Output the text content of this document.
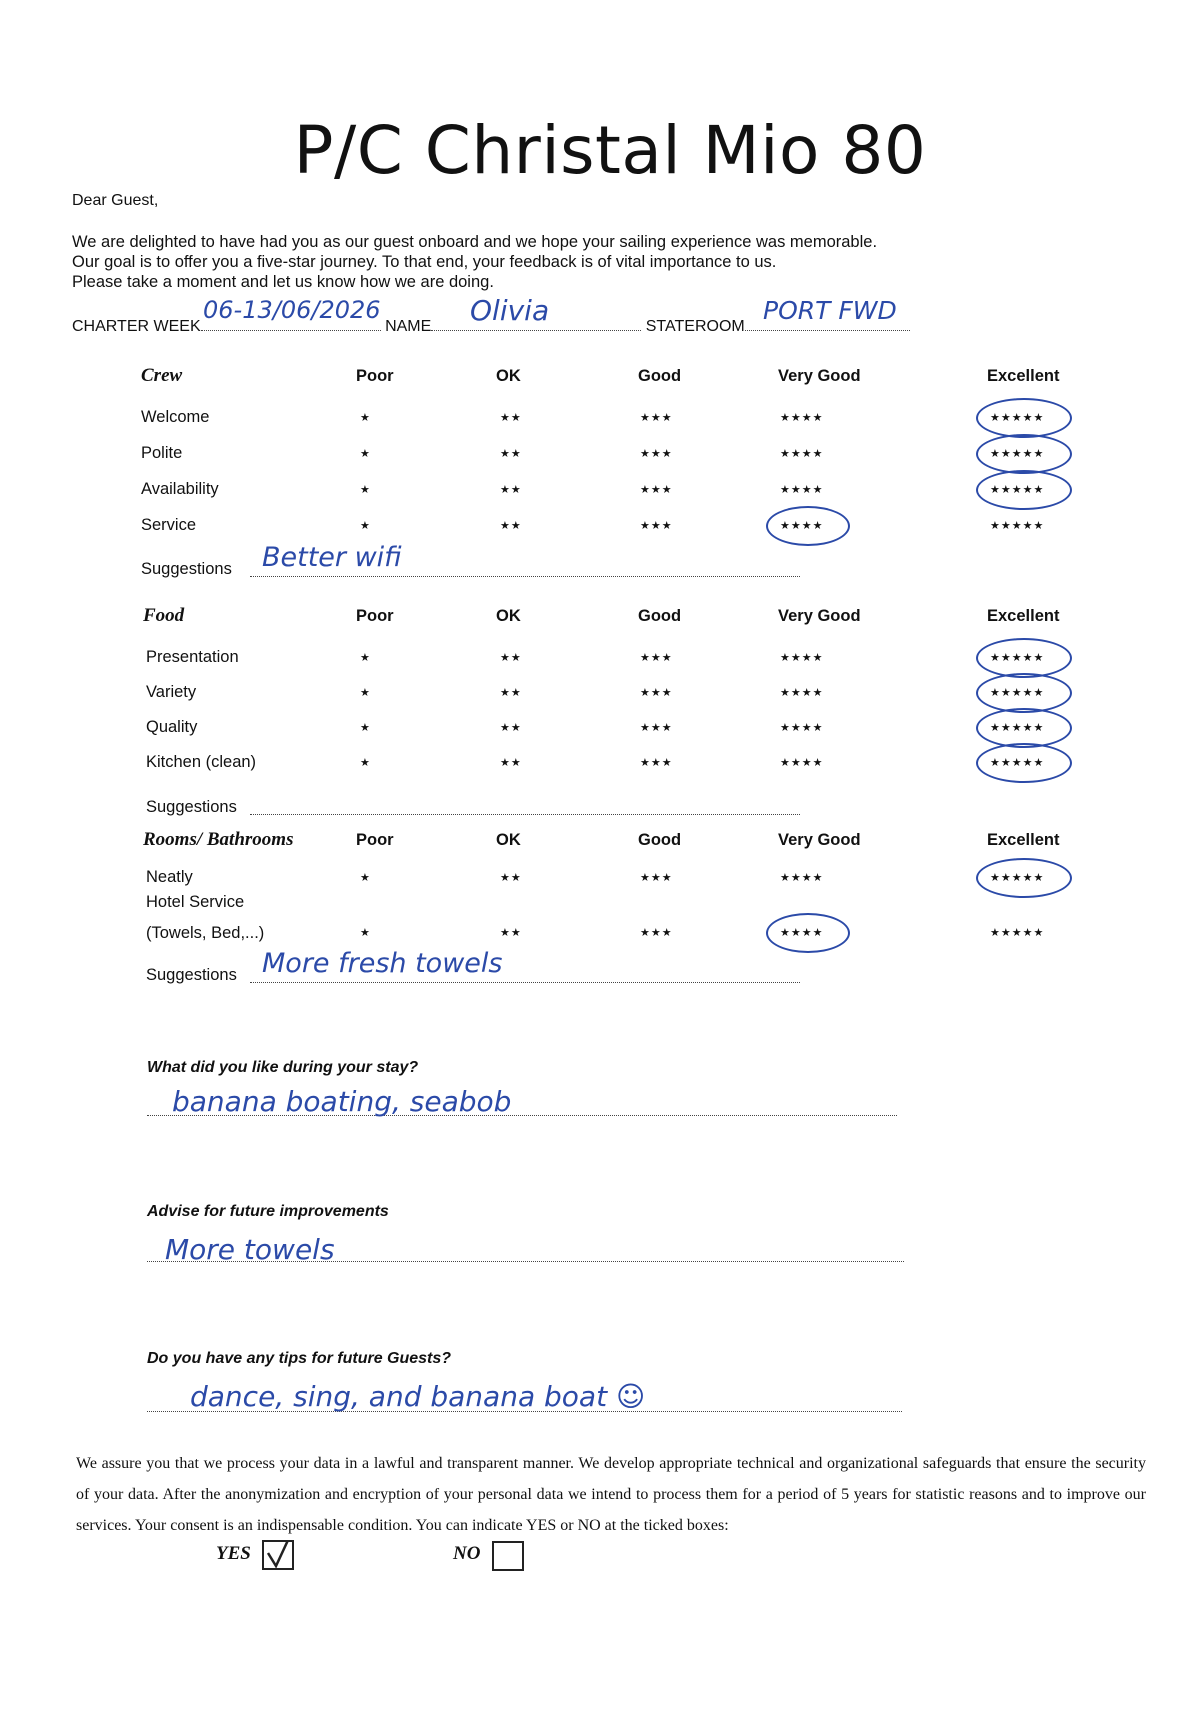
P/C Christal Mio 80
Dear Guest,
We are delighted to have had you as our guest onboard and we hope your sailing experience was memorable.
Our goal is to offer you a five-star journey. To that end, your feedback is of vital importance to us.
Please take a moment and let us know how we are doing.
CHARTER WEEK	NAME	STATEROOM
06-13/06/2026	Olivia	PORT FWD
Crew	Poor	OK	Good	Very Good	Excellent
Welcome	★	★★	★★★	★★★★	★★★★★
Polite	★	★★	★★★	★★★★	★★★★★
Availability	★	★★	★★★	★★★★	★★★★★
Service	★	★★	★★★	★★★★	★★★★★
Suggestions Better wifi
Food	Poor	OK	Good	Very Good	Excellent
Presentation	★	★★	★★★	★★★★	★★★★★
Variety	★	★★	★★★	★★★★	★★★★★
Quality	★	★★	★★★	★★★★	★★★★★
Kitchen (clean)	★	★★	★★★	★★★★	★★★★★
Suggestions
Rooms/ Bathrooms	Poor	OK	Good	Very Good	Excellent
Neatly	★	★★	★★★	★★★★	★★★★★
Hotel Service
(Towels, Bed,...)	★	★★	★★★	★★★★	★★★★★
Suggestions More fresh towels
What did you like during your stay?
banana boating, seabob
Advise for future improvements
More towels
Do you have any tips for future Guests?
dance, sing, and banana boat ☺
We assure you that we process your data in a lawful and transparent manner. We develop appropriate technical and organizational safeguards that ensure the security of your data. After the anonymization and encryption of your personal data we intend to process them for a period of 5 years for statistic reasons and to improve our services. Your consent is an indispensable condition. You can indicate YES or NO at the ticked boxes:
YES	NO
